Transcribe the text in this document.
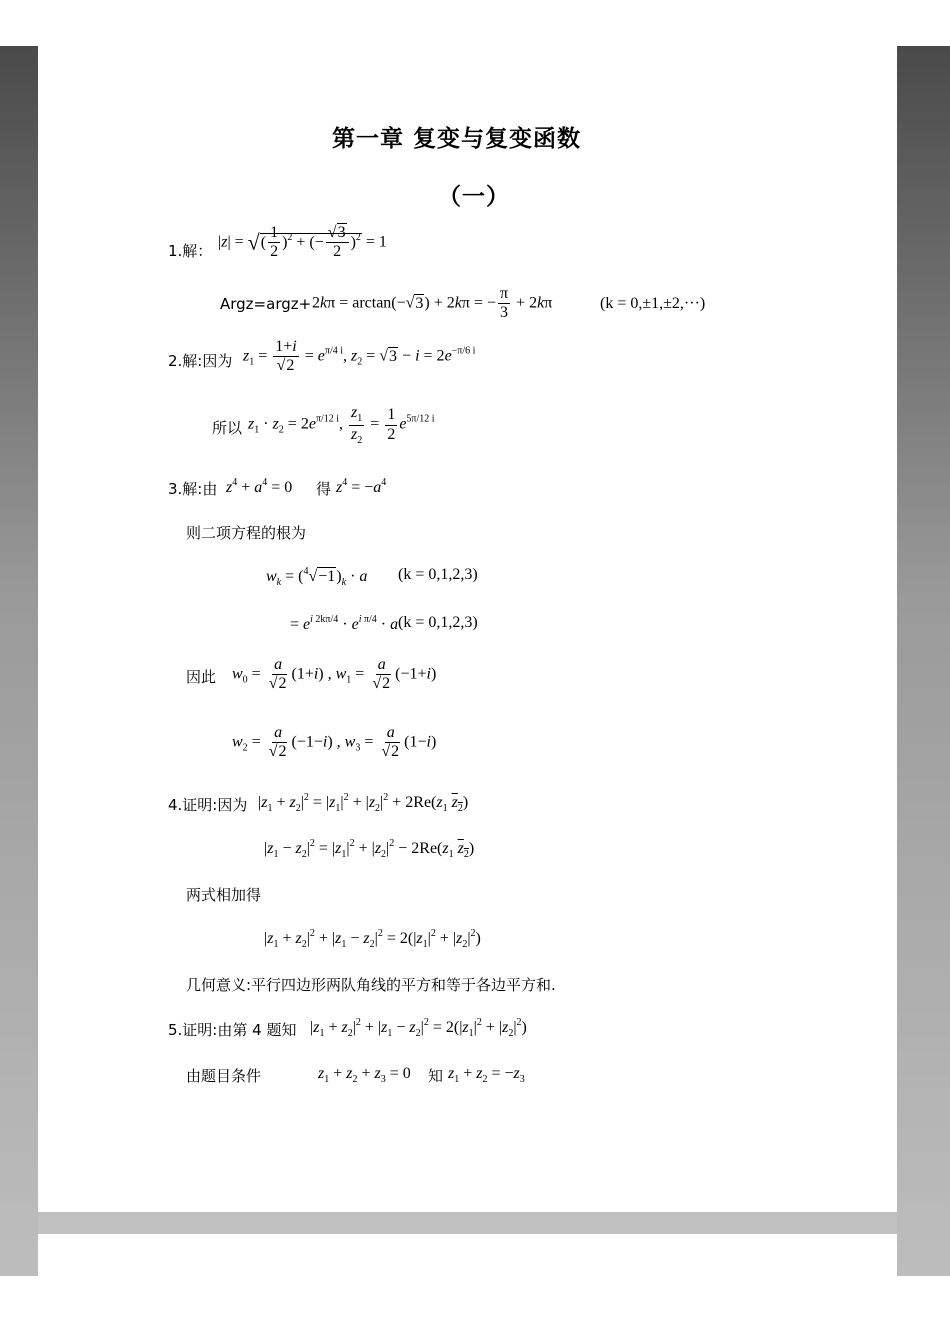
第一章 复变与复变函数
（一）
1.解： |z| = √( $\frac{1}{2} )^2$ + (− $\frac{√3}{2} )^2 = 1$
Argz=argz+ 2kπ = arctan(−√3) + 2kπ = − $\frac{\pi}{3} + 2k\pi$	(k = 0,±1,±2,···)
2.解:因为 $z_1 = \frac{1+i}{√2} = e^{\pi/4 i}$, $z_2 = √3 - i = 2e^{-\pi/6 i}$
所以 $z_1 \cdot z_2 = 2e^{\pi/12 i}$, $\frac{z_1}{z_2} = \frac{1}{2} e^{5\pi/12 i}$
3.解:由 $z^4 + a^4 = 0$ 得 $z^4 = -a^4$
则二项方程的根为
$w_k = (^4√-1)_k \cdot a$ (k = 0,1,2,3)
= $e^{i 2k\pi/4} \cdot e^{i \pi/4} \cdot a$ (k = 0,1,2,3)
因此 $w_0 = \frac{a}{√2} (1+i)$ , $w_1 = \frac{a}{√2} (-1+i)$
$w_2 = \frac{a}{√2} (-1-i)$ , $w_3 = \frac{a}{√2} (1-i)$
4.证明:因为 $|z_1 + z_2|^2 = |z_1|^2 + |z_2|^2 + 2Re(z_1$ $z_2$)
$|z_1 - z_2|^2 = |z_1|^2 + |z_2|^2 - 2Re(z_1$ $z_2$)
两式相加得
$|z_1 + z_2|^2 + |z_1 - z_2|^2 = 2(|z_1|^2 + |z_2|^2)$
几何意义:平行四边形两队角线的平方和等于各边平方和.
5.证明:由第 4 题知 $|z_1 + z_2|^2 + |z_1 - z_2|^2 = 2(|z_1|^2 + |z_2|^2)$
由题目条件	$z_1 + z_2 + z_3 = 0$ 知 $z_1 + z_2 = -z_3$
